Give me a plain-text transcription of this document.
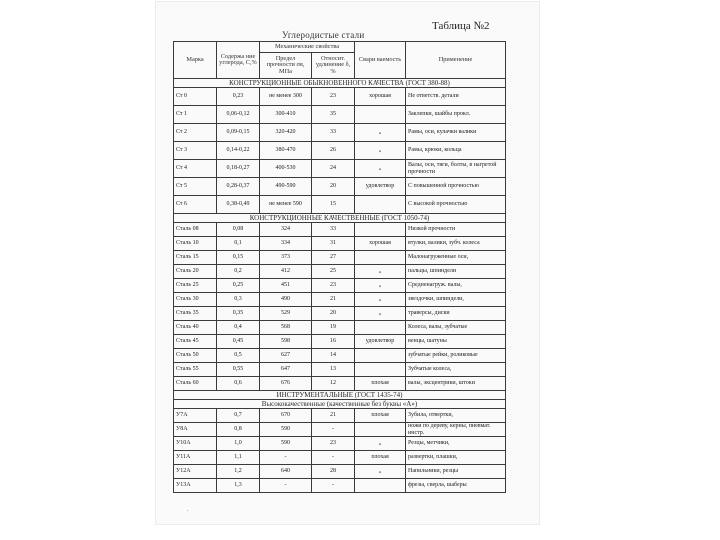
Таблица №2
Углеродистые стали
Марка	Содержа ние углерода, С,%	Механические свойства		Свари ваемость	Применение
		Предел прочности σв, МПа	Относит. удлинение δ, %		
КОНСТРУКЦИОННЫЕ ОБЫКНОВЕННОГО КАЧЕСТВА (ГОСТ 380-88)					
Ст 0	0,23	не менее 300	23	хорошая	Не ответств. детали
Ст 1	0,06-0,12	300-410	35		Заклепки, шайбы прокл.
Ст 2	0,09-0,15	320-420	33	„	Рамы, оси, кулачки валики
Ст 3	0,14-0,22	380-470	26	„	Рамы, крюки, кольца
Ст 4	0,18-0,27	400-530	24	„	Валы, оси, тяги, болты, в нагретой прочности
Ст 5	0,28-0,37	490-590	20	удовлетвор	С повышенной прочностью
Ст 6	0,38-0,49	не менее 590	15		С высокой прочностью
КОНСТРУКЦИОННЫЕ КАЧЕСТВЕННЫЕ (ГОСТ 1050-74)					
Сталь 08	0,08	324	33		Низкой прочности
Сталь 10	0,1	334	31	хорошая	втулки, валики, зубч. колеса
Сталь 15	0,15	373	27		Малонагруженные оси,
Сталь 20	0,2	412	25	„	пальцы, шпиндели
Сталь 25	0,25	451	23	„	Средненагруж. валы,
Сталь 30	0,3	490	21	„	звездочки, шпиндели,
Сталь 35	0,35	529	20	„	траверсы, диски
Сталь 40	0,4	568	19		Колеса, валы, зубчатые
Сталь 45	0,45	598	16	удовлетвор	венцы, шатуны
Сталь 50	0,5	627	14		зубчатые рейки, роликовые
Сталь 55	0,55	647	13		Зубчатые колеса,
Сталь 60	0,6	676	12	плохая	валы, эксцентрики, штоки
ИНСТРУМЕНТАЛЬНЫЕ (ГОСТ 1435-74)					
Высококачественные (качественные без буквы «А»)					
У7А	0,7	670	21	плохая	Зубила, отвертки,
У8А	0,8	590	-		ножи по дереву, керны, пневмат. инстр.
У10А	1,0	590	23	„	Резцы, метчики,
У11А	1,1	-	-	плохая	развертки, плашки,
У12А	1,2	640	28	„	Напильники, резцы
У13А	1,3	-	-		фрезы, сверла, шаберы
.
